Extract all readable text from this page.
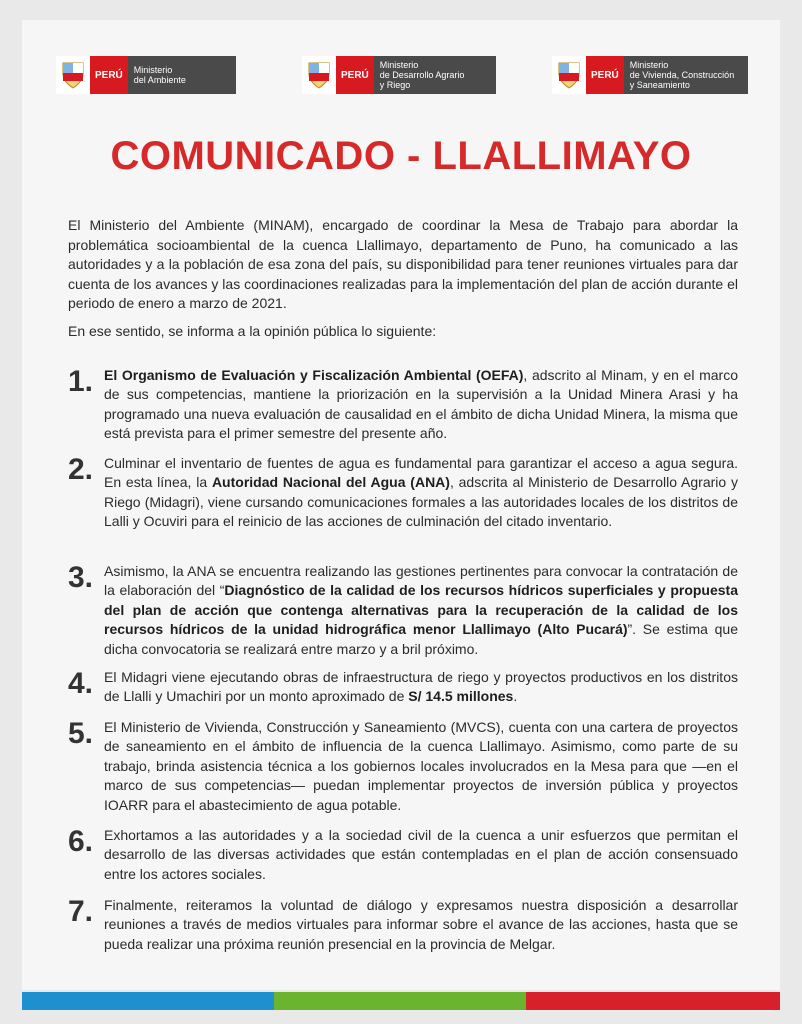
PERÚ	Ministerio
del Ambiente	PERÚ
Ministerio
de Desarrollo Agrario
y Riego
PERÚ
Ministerio
de Vivienda, Construcción
y Saneamiento
COMUNICADO - LLALLIMAYO

El Ministerio del Ambiente (MINAM), encargado de coordinar la Mesa de Trabajo para abordar la problemática socioambiental de la cuenca Llallimayo, departamento de Puno, ha comunicado a las autoridades y a la población de esa zona del país, su disponibilidad para tener reuniones virtuales para dar cuenta de los avances y las coordinaciones realizadas para la implementación del plan de acción durante el periodo de enero a marzo de 2021.

En ese sentido, se informa a la opinión pública lo siguiente:

1. El Organismo de Evaluación y Fiscalización Ambiental (OEFA), adscrito al Minam, y en el marco de sus competencias, mantiene la priorización en la supervisión a la Unidad Minera Arasi y ha programado una nueva evaluación de causalidad en el ámbito de dicha Unidad Minera, la misma que está prevista para el primer semestre del presente año.
2. Culminar el inventario de fuentes de agua es fundamental para garantizar el acceso a agua segura. En esta línea, la Autoridad Nacional del Agua (ANA), adscrita al Ministerio de Desarrollo Agrario y Riego (Midagri), viene cursando comunicaciones formales a las autoridades locales de los distritos de Lalli y Ocuviri para el reinicio de las acciones de culminación del citado inventario.
3. Asimismo, la ANA se encuentra realizando las gestiones pertinentes para convocar la contratación de la elaboración del “Diagnóstico de la calidad de los recursos hídricos superficiales y propuesta del plan de acción que contenga alternativas para la recuperación de la calidad de los recursos hídricos de la unidad hidrográfica menor Llallimayo (Alto Pucará)”. Se estima que dicha convocatoria se realizará entre marzo y a bril próximo.
4. El Midagri viene ejecutando obras de infraestructura de riego y proyectos productivos en los distritos de Llalli y Umachiri por un monto aproximado de S/ 14.5 millones.
5. El Ministerio de Vivienda, Construcción y Saneamiento (MVCS), cuenta con una cartera de proyectos de saneamiento en el ámbito de influencia de la cuenca Llallimayo. Asimismo, como parte de su trabajo, brinda asistencia técnica a los gobiernos locales involucrados en la Mesa para que —en el marco de sus competencias— puedan implementar proyectos de inversión pública y proyectos IOARR para el abastecimiento de agua potable.
6. Exhortamos a las autoridades y a la sociedad civil de la cuenca a unir esfuerzos que permitan el desarrollo de las diversas actividades que están contempladas en el plan de acción consensuado entre los actores sociales.
7. Finalmente, reiteramos la voluntad de diálogo y expresamos nuestra disposición a desarrollar reuniones a través de medios virtuales para informar sobre el avance de las acciones, hasta que se pueda realizar una próxima reunión presencial en la provincia de Melgar.
